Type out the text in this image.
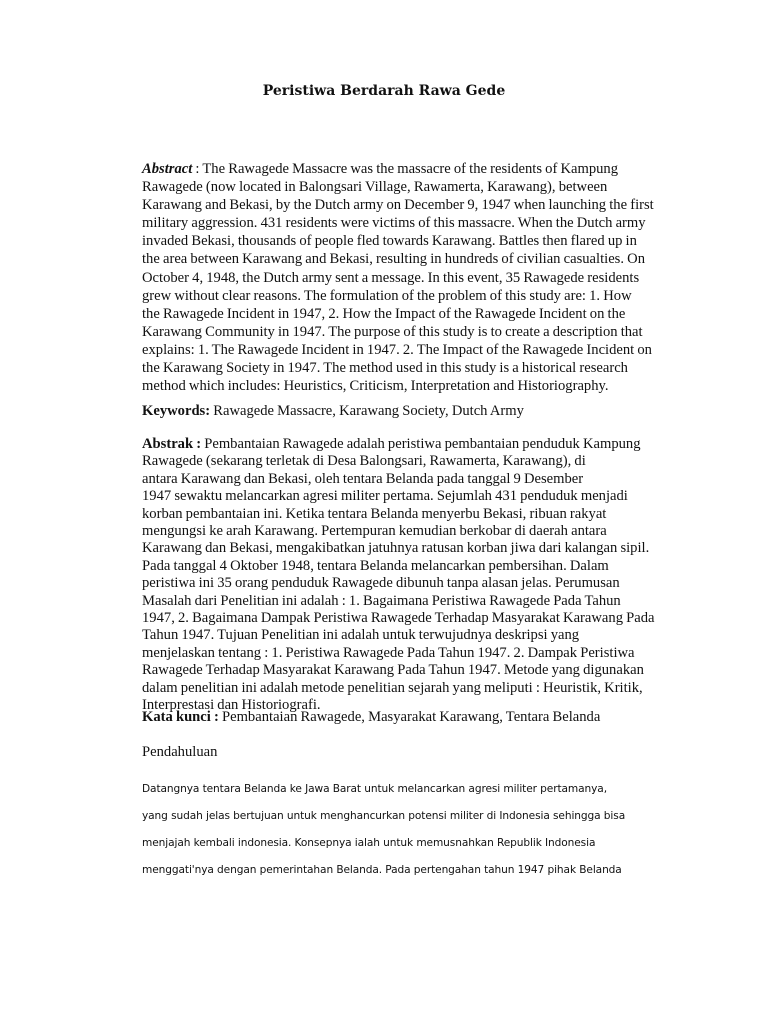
Peristiwa Berdarah Rawa Gede
Abstract : The Rawagede Massacre was the massacre of the residents of Kampung
Rawagede (now located in Balongsari Village, Rawamerta, Karawang), between
Karawang and Bekasi, by the Dutch army on December 9, 1947 when launching the first
military aggression. 431 residents were victims of this massacre. When the Dutch army
invaded Bekasi, thousands of people fled towards Karawang. Battles then flared up in
the area between Karawang and Bekasi, resulting in hundreds of civilian casualties. On
October 4, 1948, the Dutch army sent a message. In this event, 35 Rawagede residents
grew without clear reasons. The formulation of the problem of this study are: 1. How
the Rawagede Incident in 1947, 2. How the Impact of the Rawagede Incident on the
Karawang Community in 1947. The purpose of this study is to create a description that
explains: 1. The Rawagede Incident in 1947. 2. The Impact of the Rawagede Incident on
the Karawang Society in 1947. The method used in this study is a historical research
method which includes: Heuristics, Criticism, Interpretation and Historiography.
Keywords: Rawagede Massacre, Karawang Society, Dutch Army
Abstrak : Pembantaian Rawagede adalah peristiwa pembantaian penduduk Kampung
Rawagede (sekarang terletak di Desa Balongsari, Rawamerta, Karawang), di
antara Karawang dan Bekasi, oleh tentara Belanda pada tanggal 9 Desember
1947 sewaktu melancarkan agresi militer pertama. Sejumlah 431 penduduk menjadi
korban pembantaian ini. Ketika tentara Belanda menyerbu Bekasi, ribuan rakyat
mengungsi ke arah Karawang. Pertempuran kemudian berkobar di daerah antara
Karawang dan Bekasi, mengakibatkan jatuhnya ratusan korban jiwa dari kalangan sipil.
Pada tanggal 4 Oktober 1948, tentara Belanda melancarkan pembersihan. Dalam
peristiwa ini 35 orang penduduk Rawagede dibunuh tanpa alasan jelas. Perumusan
Masalah dari Penelitian ini adalah : 1. Bagaimana Peristiwa Rawagede Pada Tahun
1947, 2. Bagaimana Dampak Peristiwa Rawagede Terhadap Masyarakat Karawang Pada
Tahun 1947. Tujuan Penelitian ini adalah untuk terwujudnya deskripsi yang
menjelaskan tentang : 1. Peristiwa Rawagede Pada Tahun 1947. 2. Dampak Peristiwa
Rawagede Terhadap Masyarakat Karawang Pada Tahun 1947. Metode yang digunakan
dalam penelitian ini adalah metode penelitian sejarah yang meliputi : Heuristik, Kritik,
Interprestasi dan Historiografi.
Kata kunci : Pembantaian Rawagede, Masyarakat Karawang, Tentara Belanda
Pendahuluan
Datangnya tentara Belanda ke Jawa Barat untuk melancarkan agresi militer pertamanya,
yang sudah jelas bertujuan untuk menghancurkan potensi militer di Indonesia sehingga bisa
menjajah kembali indonesia. Konsepnya ialah untuk memusnahkan Republik Indonesia
menggati'nya dengan pemerintahan Belanda. Pada pertengahan tahun 1947 pihak Belanda
